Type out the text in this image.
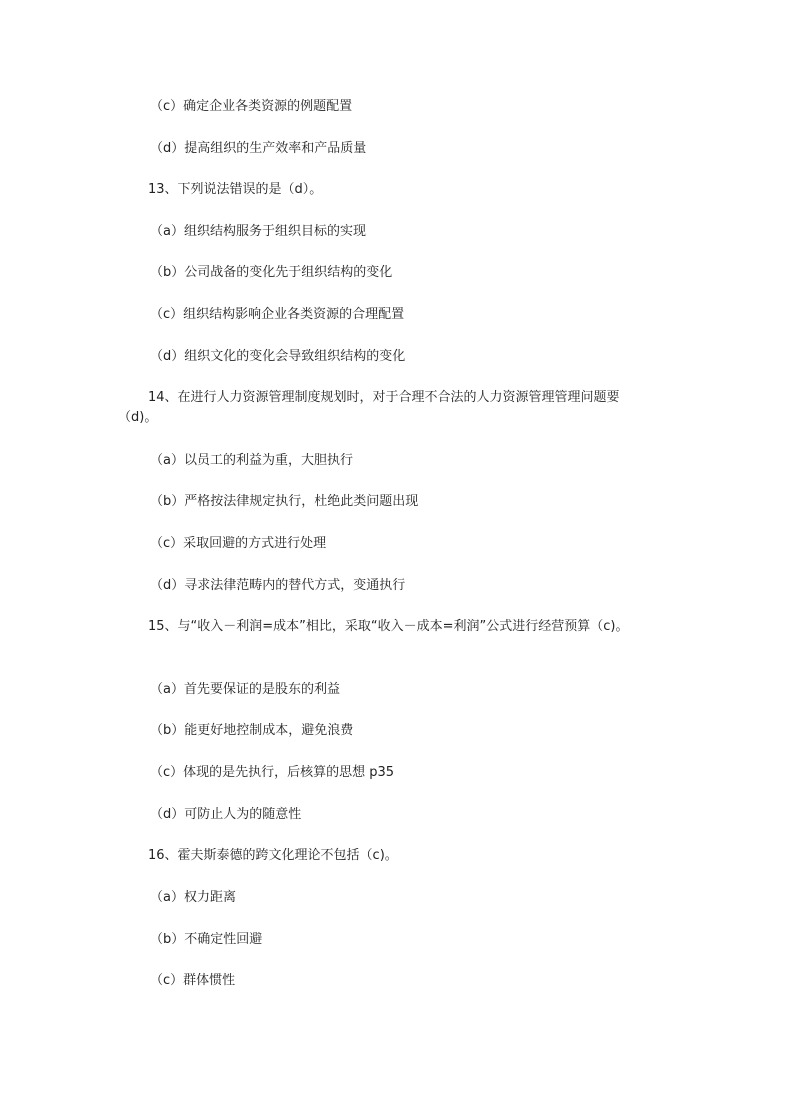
（c）确定企业各类资源的例题配置
（d）提高组织的生产效率和产品质量
13、下列说法错误的是（d）。
（a）组织结构服务于组织目标的实现
（b）公司战备的变化先于组织结构的变化
（c）组织结构影响企业各类资源的合理配置
（d）组织文化的变化会导致组织结构的变化
14、在进行人力资源管理制度规划时，对于合理不合法的人力资源管理管理问题要
（d)。
（a）以员工的利益为重，大胆执行
（b）严格按法律规定执行，杜绝此类问题出现
（c）采取回避的方式进行处理
（d）寻求法律范畴内的替代方式，变通执行
15、与“收入－利润=成本”相比，采取“收入－成本=利润”公式进行经营预算（c)。
（a）首先要保证的是股东的利益
（b）能更好地控制成本，避免浪费
（c）体现的是先执行，后核算的思想 p35
（d）可防止人为的随意性
16、霍夫斯泰德的跨文化理论不包括（c)。
（a）权力距离
（b）不确定性回避
（c）群体惯性
